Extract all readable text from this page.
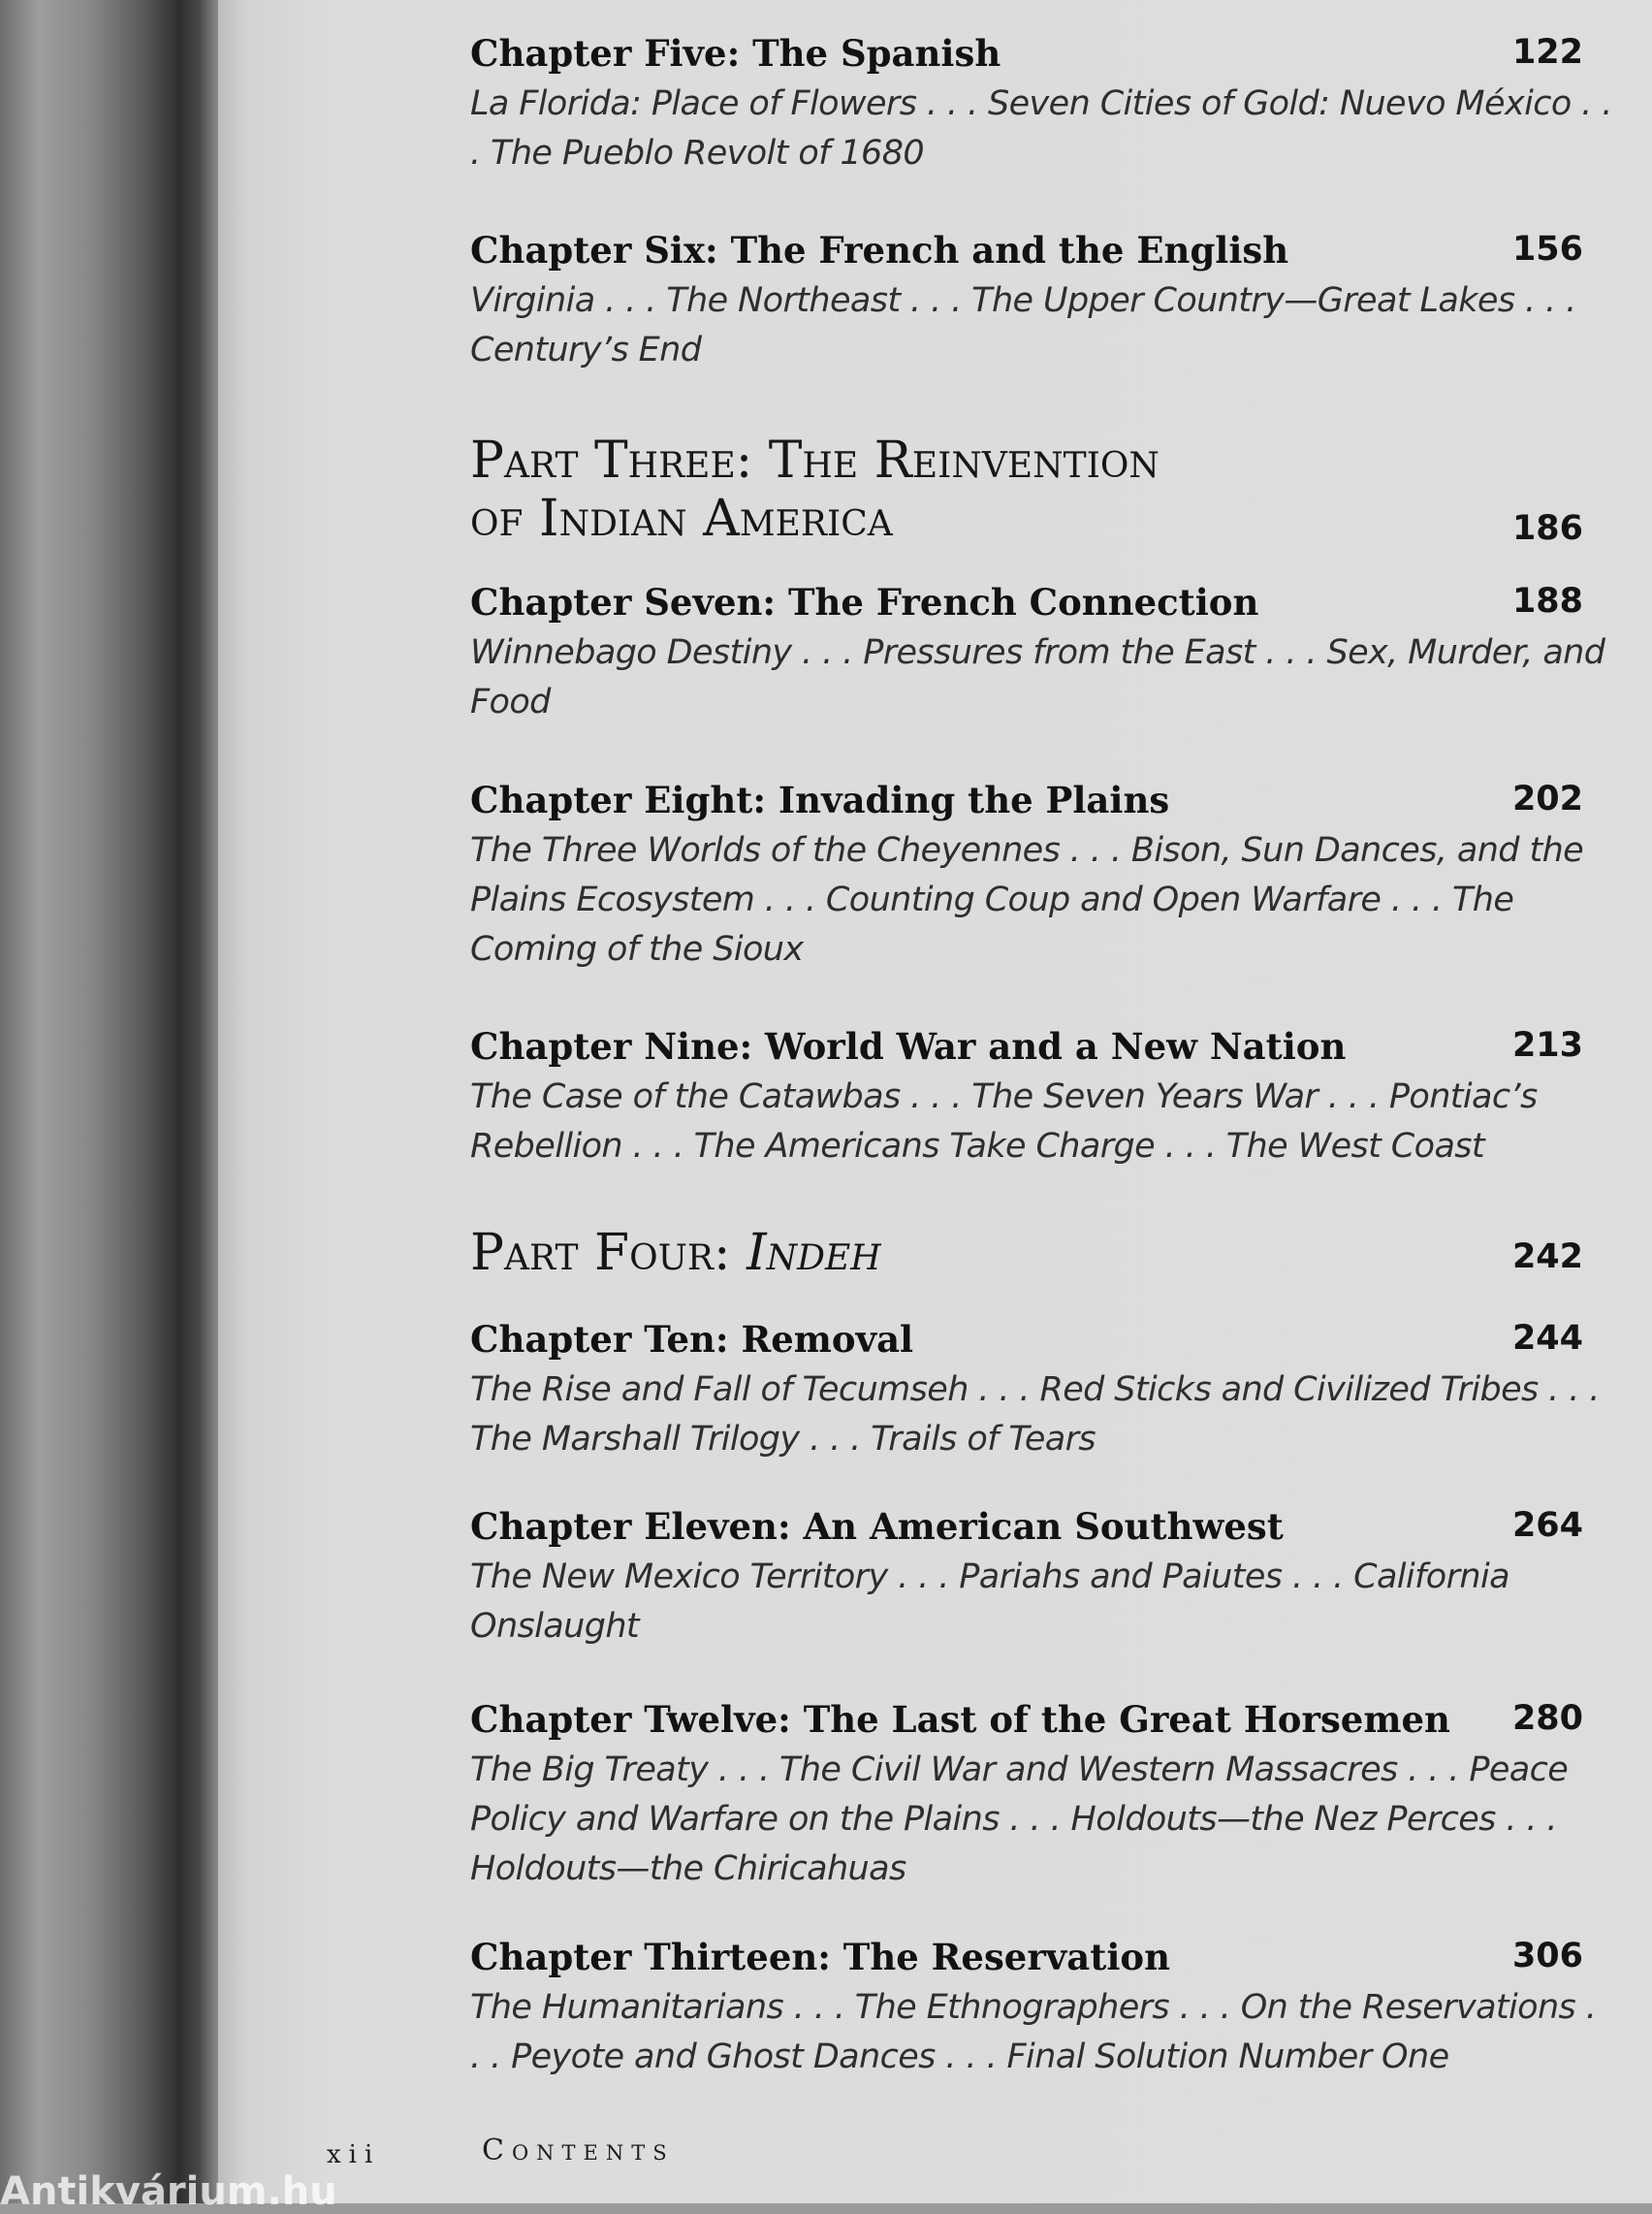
Chapter Five: The Spanish	122
La Florida: Place of Flowers . . . Seven Cities of Gold: Nuevo México . . . The Pueblo Revolt of 1680
Chapter Six: The French and the English	156
Virginia . . . The Northeast . . . The Upper Country—Great Lakes . . . Century’s End
Part Three: The Reinvention
of Indian America	186
Chapter Seven: The French Connection	188
Winnebago Destiny . . . Pressures from the East . . . Sex, Murder, and Food
Chapter Eight: Invading the Plains	202
The Three Worlds of the Cheyennes . . . Bison, Sun Dances, and the Plains Ecosystem . . . Counting Coup and Open Warfare . . . The Coming of the Sioux
Chapter Nine: World War and a New Nation	213
The Case of the Catawbas . . . The Seven Years War . . . Pontiac’s Rebellion . . . The Americans Take Charge . . . The West Coast
Part Four: Indeh	242
Chapter Ten: Removal	244
The Rise and Fall of Tecumseh . . . Red Sticks and Civilized Tribes . . . The Marshall Trilogy . . . Trails of Tears
Chapter Eleven: An American Southwest	264
The New Mexico Territory . . . Pariahs and Paiutes . . . California Onslaught
Chapter Twelve: The Last of the Great Horsemen	280
The Big Treaty . . . The Civil War and Western Massacres . . . Peace Policy and Warfare on the Plains . . . Holdouts—the Nez Perces . . . Holdouts—the Chiricahuas
Chapter Thirteen: The Reservation	306
The Humanitarians . . . The Ethnographers . . . On the Reservations . . . Peyote and Ghost Dances . . . Final Solution Number One
xii	Contents
Antikvárium.hu
